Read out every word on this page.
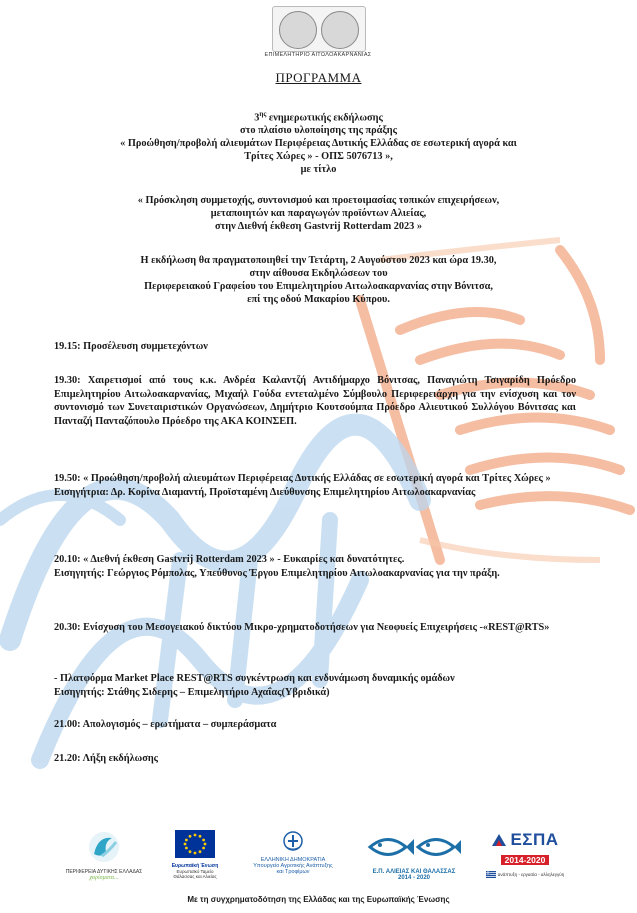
ΕΠΙΜΕΛΗΤΗΡΙΟ ΑΙΤΩΛΟΑΚΑΡΝΑΝΙΑΣ
ΠΡΟΓΡΑΜΜΑ
$3^{\eta\varsigma}$ ενημερωτικής εκδήλωσης
στο πλαίσιο υλοποίησης της πράξης
« Προώθηση/προβολή αλιευμάτων Περιφέρειας Δυτικής Ελλάδας σε εσωτερική αγορά και
Τρίτες Χώρες » - ΟΠΣ 5076713 »,
με τίτλο
« Πρόσκληση συμμετοχής, συντονισμού και προετοιμασίας τοπικών επιχειρήσεων,
μεταποιητών και παραγωγών προϊόντων Αλιείας,
στην Διεθνή έκθεση Gastvrij Rotterdam 2023 »
Η εκδήλωση θα πραγματοποιηθεί την Τετάρτη, 2 Αυγούστου 2023 και ώρα 19.30,
στην αίθουσα Εκδηλώσεων του
Περιφερειακού Γραφείου του Επιμελητηρίου Αιτωλοακαρνανίας στην Βόνιτσα,
επί της οδού Μακαρίου Κύπρου.
19.15: Προσέλευση συμμετεχόντων
19.30: Χαιρετισμοί από τους κ.κ. Ανδρέα Καλαντζή Αντιδήμαρχο Βόνιτσας, Παναγιώτη Τσιγαρίδη Πρόεδρο Επιμελητηρίου Αιτωλοακαρνανίας, Μιχαήλ Γούδα εντεταλμένο Σύμβουλο Περιφερειάρχη για την ενίσχυση και τον συντονισμό των Συνεταιριστικών Οργανώσεων, Δημήτριο Κουτσούμπα Πρόεδρο Αλιευτικού Συλλόγου Βόνιτσας και Πανταζή Πανταζόπουλο Πρόεδρο της ΑΚΑ ΚΟΙΝΣΕΠ.
19.50: « Προώθηση/προβολή αλιευμάτων Περιφέρειας Δυτικής Ελλάδας σε εσωτερική αγορά και Τρίτες Χώρες »
Εισηγήτρια: Δρ. Κορίνα Διαμαντή, Προϊσταμένη Διεύθυνσης Επιμελητηρίου Αιτωλοακαρνανίας
20.10: « Διεθνή έκθεση Gastvrij Rotterdam 2023 » - Ευκαιρίες και δυνατότητες.
Εισηγητής: Γεώργιος Ρόμπολας, Υπεύθυνος Έργου Επιμελητηρίου Αιτωλοακαρνανίας για την πράξη.
20.30: Ενίσχυση του Μεσογειακού δικτύου Μικρο-χρηματοδοτήσεων για Νεοφυείς Επιχειρήσεις -«REST@RTS»
- Πλατφόρμα Market Place REST@RTS συγκέντρωση και ενδυνάμωση δυναμικής ομάδων
Εισηγητής: Στάθης Σιδερης – Επιμελητήριο Αχαΐας(Υβριδικά)
21.00: Απολογισμός – ερωτήματα – συμπεράσματα
21.20: Λήξη εκδήλωσης
ΠΕΡΙΦΕΡΕΙΑ ΔΥΤΙΚΗΣ ΕΛΛΑΔΑΣ
χαρίσματα...
Ευρωπαϊκή Ένωση
Ευρωπαϊκό Ταμείο
Θάλασσας και Αλιείας
ΕΛΛΗΝΙΚΗ ΔΗΜΟΚΡΑΤΙΑ
Υπουργείο Αγροτικής Ανάπτυξης
και Τροφίμων	Ε.Π. ΑΛΙΕΙΑΣ ΚΑΙ ΘΑΛΑΣΣΑΣ
2014 - 2020
ΕΣΠΑ
2014-2020
ανάπτυξη - εργασία - αλληλεγγύη
Με τη συγχρηματοδότηση της Ελλάδας και της Ευρωπαϊκής Ένωσης
